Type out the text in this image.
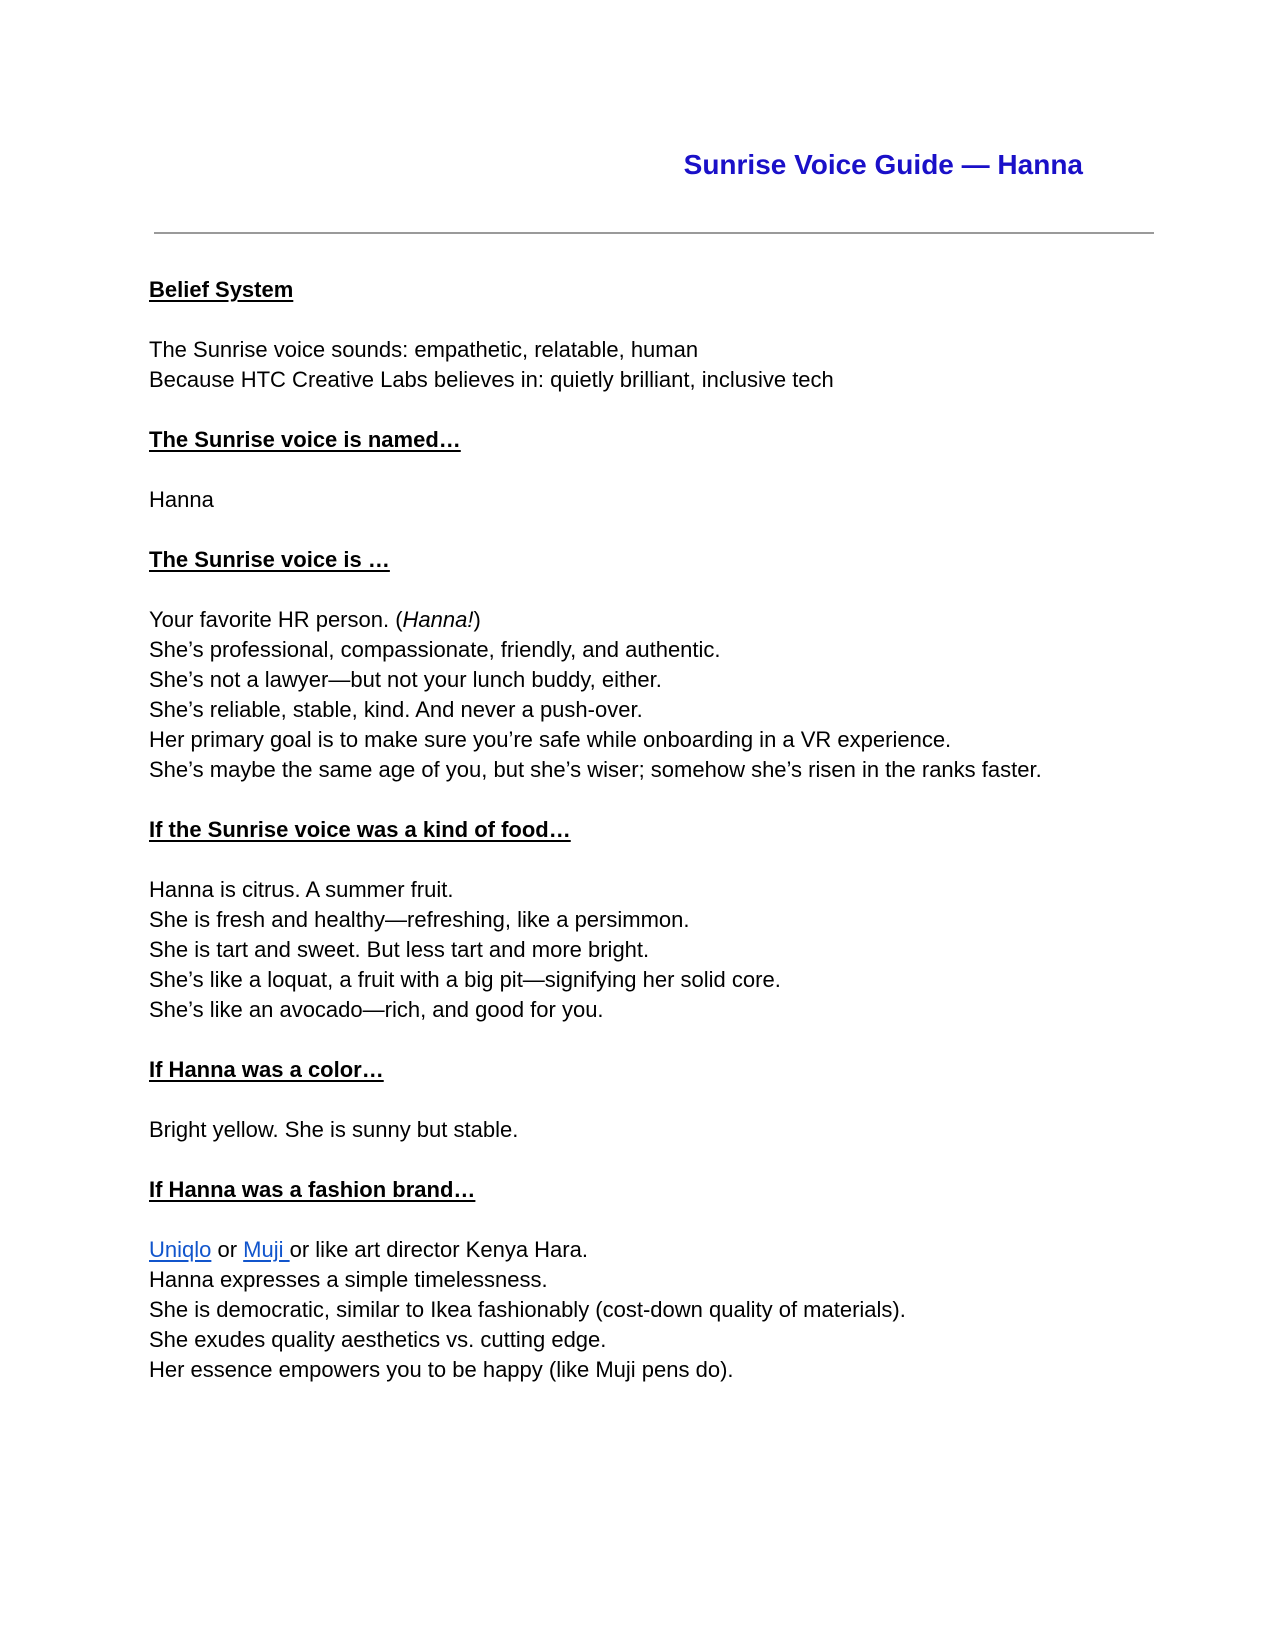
Sunrise Voice Guide — Hanna

Belief System

The Sunrise voice sounds: empathetic, relatable, human

Because HTC Creative Labs believes in: quietly brilliant, inclusive tech

The Sunrise voice is named…

Hanna

The Sunrise voice is …

Your favorite HR person. (Hanna!)

She’s professional, compassionate, friendly, and authentic.

She’s not a lawyer—but not your lunch buddy, either.

She’s reliable, stable, kind. And never a push-over.

Her primary goal is to make sure you’re safe while onboarding in a VR experience.

She’s maybe the same age of you, but she’s wiser; somehow she’s risen in the ranks faster.

If the Sunrise voice was a kind of food…

Hanna is citrus. A summer fruit.

She is fresh and healthy—refreshing, like a persimmon.

She is tart and sweet. But less tart and more bright.

She’s like a loquat, a fruit with a big pit—signifying her solid core.

She’s like an avocado—rich, and good for you.

If Hanna was a color…

Bright yellow. She is sunny but stable.

If Hanna was a fashion brand…

Uniqlo or Muji or like art director Kenya Hara.

Hanna expresses a simple timelessness.

She is democratic, similar to Ikea fashionably (cost-down quality of materials).

She exudes quality aesthetics vs. cutting edge.

Her essence empowers you to be happy (like Muji pens do).
